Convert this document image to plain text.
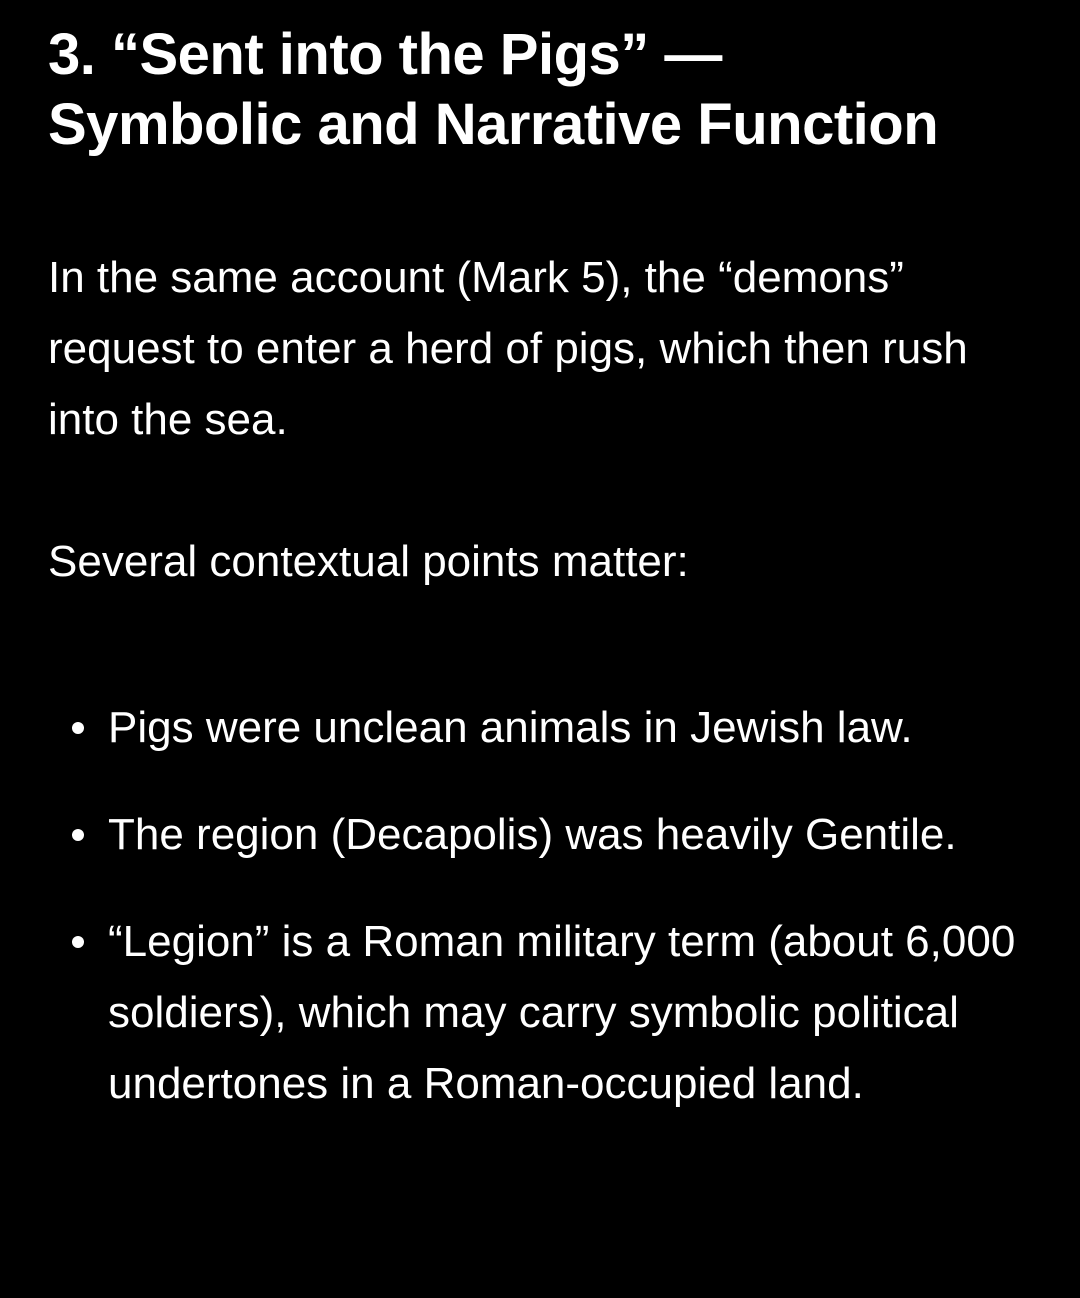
3. “Sent into the Pigs” —
Symbolic and Narrative Function

In the same account (Mark 5), the “demons” request to enter a herd of pigs, which then rush into the sea.

Several contextual points matter:

Pigs were unclean animals in Jewish law.
The region (Decapolis) was heavily Gentile.
“Legion” is a Roman military term (about 6,000 soldiers), which may carry symbolic political undertones in a Roman-occupied land.
